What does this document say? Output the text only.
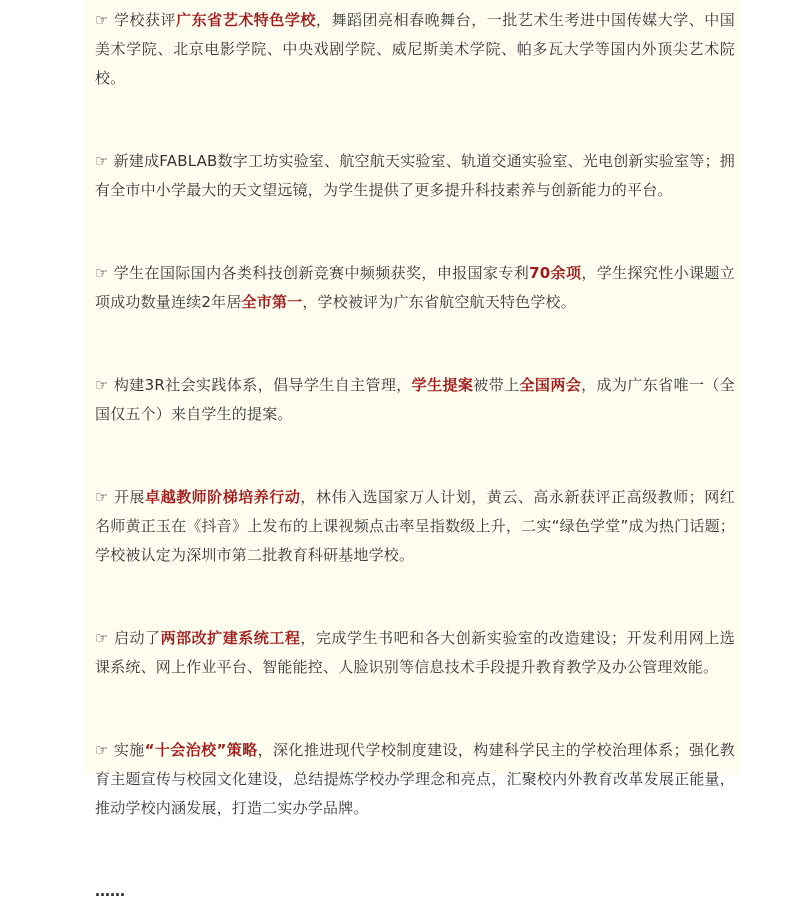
☞ 学校获评广东省艺术特色学校，舞蹈团亮相春晚舞台，一批艺术生考进中国传媒大学、中国美术学院、北京电影学院、中央戏剧学院、威尼斯美术学院、帕多瓦大学等国内外顶尖艺术院校。

☞ 新建成FABLAB数字工坊实验室、航空航天实验室、轨道交通实验室、光电创新实验室等；拥有全市中小学最大的天文望远镜，为学生提供了更多提升科技素养与创新能力的平台。

☞ 学生在国际国内各类科技创新竞赛中频频获奖，申报国家专利70余项，学生探究性小课题立项成功数量连续2年居全市第一，学校被评为广东省航空航天特色学校。

☞ 构建3R社会实践体系，倡导学生自主管理，学生提案被带上全国两会，成为广东省唯一（全国仅五个）来自学生的提案。

☞ 开展卓越教师阶梯培养行动，林伟入选国家万人计划，黄云、高永新获评正高级教师；网红名师黄正玉在《抖音》上发布的上课视频点击率呈指数级上升，二实“绿色学堂”成为热门话题；学校被认定为深圳市第二批教育科研基地学校。

☞ 启动了两部改扩建系统工程，完成学生书吧和各大创新实验室的改造建设；开发利用网上选课系统、网上作业平台、智能能控、人脸识别等信息技术手段提升教育教学及办公管理效能。

☞ 实施“十会治校”策略，深化推进现代学校制度建设，构建科学民主的学校治理体系；强化教育主题宣传与校园文化建设，总结提炼学校办学理念和亮点，汇聚校内外教育改革发展正能量，推动学校内涵发展，打造二实办学品牌。

……
